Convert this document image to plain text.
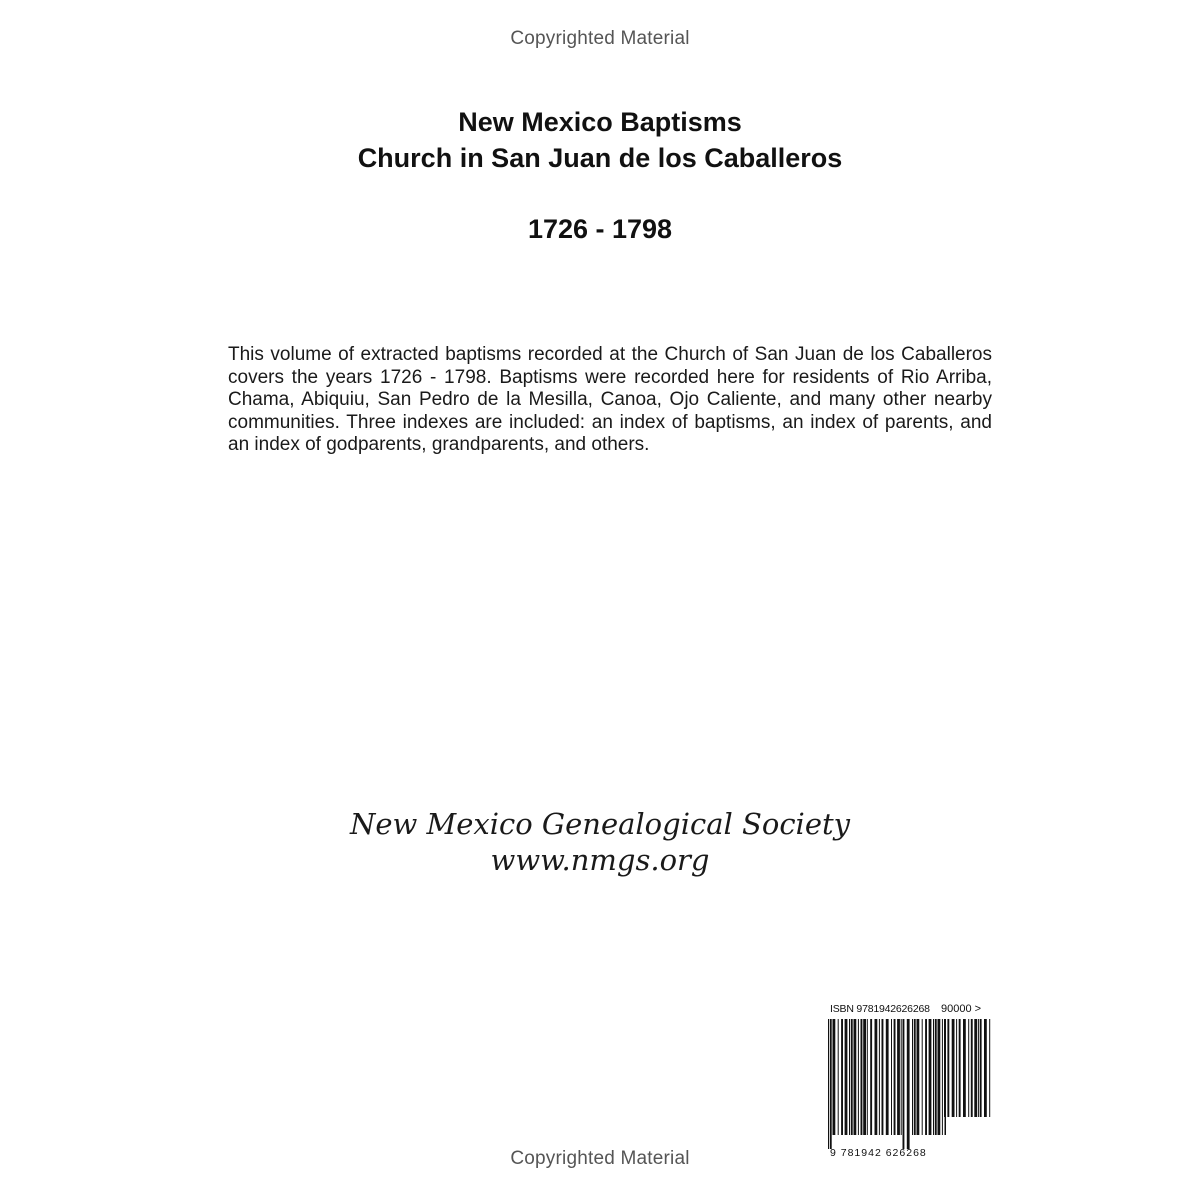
Copyrighted Material
New Mexico Baptisms
Church in San Juan de los Caballeros
1726 - 1798
This volume of extracted baptisms recorded at the Church of San Juan de los Caballeros covers the years 1726 - 1798. Baptisms were recorded here for residents of Rio Arriba, Chama, Abiquiu, San Pedro de la Mesilla, Canoa, Ojo Caliente, and many other nearby communities. Three indexes are included: an index of baptisms, an index of parents, and an index of godparents, grandparents, and others.
New Mexico Genealogical Society
www.nmgs.org
ISBN 9781942626268 90000 >
9 781942 626268
Copyrighted Material
